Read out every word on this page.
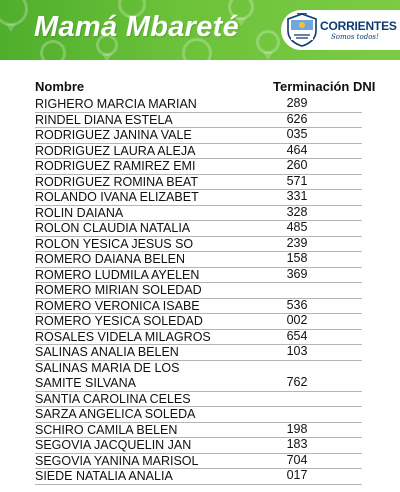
Mamá Mbareté	CORRIENTES
Somos todos!
Nombre	Terminación DNI
RIGHERO MARCIA MARIAN	289
RINDEL DIANA ESTELA	626
RODRIGUEZ JANINA VALE	035
RODRIGUEZ LAURA ALEJA	464
RODRIGUEZ RAMIREZ EMI	260
RODRIGUEZ ROMINA BEAT	571
ROLANDO IVANA ELIZABET	331
ROLIN DAIANA	328
ROLON CLAUDIA NATALIA	485
ROLON YESICA JESUS SO	239
ROMERO DAIANA BELEN	158
ROMERO LUDMILA AYELEN	369
ROMERO MIRIAN SOLEDAD
ROMERO VERONICA ISABE	536
ROMERO YESICA SOLEDAD	002
ROSALES VIDELA MILAGROS	654
SALINAS ANALIA BELEN	103
SALINAS MARIA DE LOS
SAMITE SILVANA	762
SANTIA CAROLINA CELES
SARZA ANGELICA SOLEDA
SCHIRO CAMILA BELEN	198
SEGOVIA JACQUELIN JAN	183
SEGOVIA YANINA MARISOL	704
SIEDE NATALIA ANALIA	017
